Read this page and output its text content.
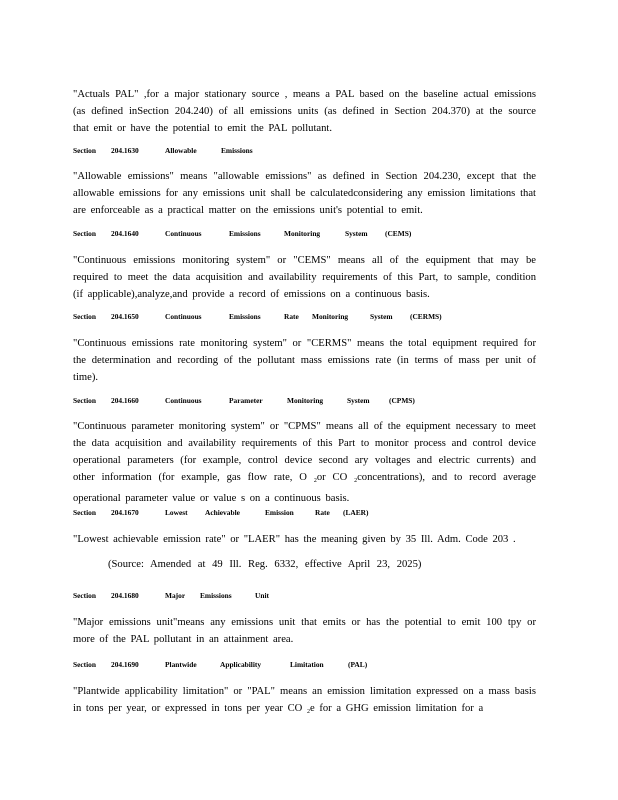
"Actuals PAL" ,for a major stationary source , means a PAL based on the baseline actual emissions (as defined inSection 204.240) of all emissions units (as defined in Section 204.370) at the source that emit or have the potential to emit the PAL pollutant.
Section	204.1630	Allowable	Emissions
"Allowable emissions" means "allowable emissions" as defined in Section 204.230, except that the allowable emissions for any emissions unit shall be calculatedconsidering any emission limitations that are enforceable as a practical matter on the emissions unit's potential to emit.
Section	204.1640	Continuous	Emissions	Monitoring	System	(CEMS)
"Continuous emissions monitoring system" or "CEMS" means all of the equipment that may be required to meet the data acquisition and availability requirements of this Part, to sample, condition (if applicable),analyze,and provide a record of emissions on a continuous basis.
Section	204.1650	Continuous	Emissions	Rate	Monitoring	System	(CERMS)
"Continuous emissions rate monitoring system" or "CERMS" means the total equipment required for the determination and recording of the pollutant mass emissions rate (in terms of mass per unit of time).
Section	204.1660	Continuous	Parameter	Monitoring	System	(CPMS)
"Continuous parameter monitoring system" or "CPMS" means all of the equipment necessary to meet the data acquisition and availability requirements of this Part to monitor process and control device operational parameters (for example, control device second ary voltages and electric currents) and other information (for example, gas flow rate, O $_2$or CO $_2$concentrations), and to record average operational parameter value or value s on a continuous basis.
Section	204.1670	Lowest	Achievable	Emission	Rate	(LAER)
"Lowest achievable emission rate" or "LAER" has the meaning given by 35 Ill. Adm. Code 203 .
(Source: Amended at 49 Ill. Reg. 6332, effective April 23, 2025)
Section	204.1680	Major	Emissions	Unit
"Major emissions unit"means any emissions unit that emits or has the potential to emit 100 tpy or more of the PAL pollutant in an attainment area.
Section	204.1690	Plantwide	Applicability	Limitation	(PAL)
"Plantwide applicability limitation" or "PAL" means an emission limitation expressed on a mass basis in tons per year, or expressed in tons per year CO $_2$e for a GHG emission limitation for a
